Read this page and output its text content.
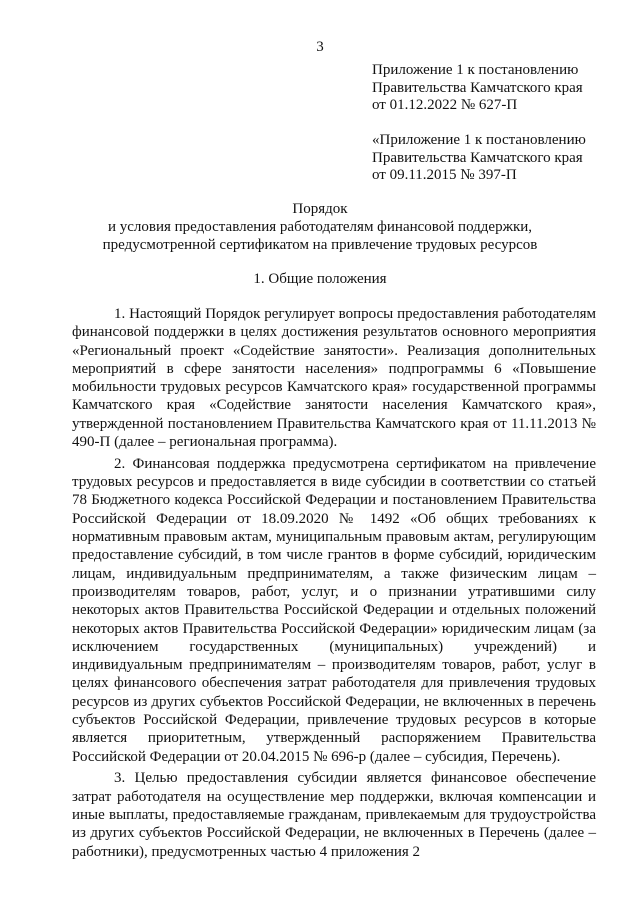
3
Приложение 1 к постановлению
Правительства Камчатского края
от 01.12.2022 № 627-П
«Приложение 1 к постановлению
Правительства Камчатского края
от 09.11.2015 № 397-П
Порядок
и условия предоставления работодателям финансовой поддержки,
предусмотренной сертификатом на привлечение трудовых ресурсов
1. Общие положения

1. Настоящий Порядок регулирует вопросы предоставления работодателям финансовой поддержки в целях достижения результатов основного мероприятия «Региональный проект «Содействие занятости». Реализация дополнительных мероприятий в сфере занятости населения» подпрограммы 6 «Повышение мобильности трудовых ресурсов Камчатского края» государственной программы Камчатского края «Содействие занятости населения Камчатского края», утвержденной постановлением Правительства Камчатского края от 11.11.2013 № 490-П (далее – региональная программа).

2. Финансовая поддержка предусмотрена сертификатом на привлечение трудовых ресурсов и предоставляется в виде субсидии в соответствии со статьей 78 Бюджетного кодекса Российской Федерации и постановлением Правительства Российской Федерации от 18.09.2020 № 1492 «Об общих требованиях к нормативным правовым актам, муниципальным правовым актам, регулирующим предоставление субсидий, в том числе грантов в форме субсидий, юридическим лицам, индивидуальным предпринимателям, а также физическим лицам – производителям товаров, работ, услуг, и о признании утратившими силу некоторых актов Правительства Российской Федерации и отдельных положений некоторых актов Правительства Российской Федерации» юридическим лицам (за исключением государственных (муниципальных) учреждений) и индивидуальным предпринимателям – производителям товаров, работ, услуг в целях финансового обеспечения затрат работодателя для привлечения трудовых ресурсов из других субъектов Российской Федерации, не включенных в перечень субъектов Российской Федерации, привлечение трудовых ресурсов в которые является приоритетным, утвержденный распоряжением Правительства Российской Федерации от 20.04.2015 № 696-р (далее – субсидия, Перечень).

3. Целью предоставления субсидии является финансовое обеспечение затрат работодателя на осуществление мер поддержки, включая компенсации и иные выплаты, предоставляемые гражданам, привлекаемым для трудоустройства из других субъектов Российской Федерации, не включенных в Перечень (далее – работники), предусмотренных частью 4 приложения 2
